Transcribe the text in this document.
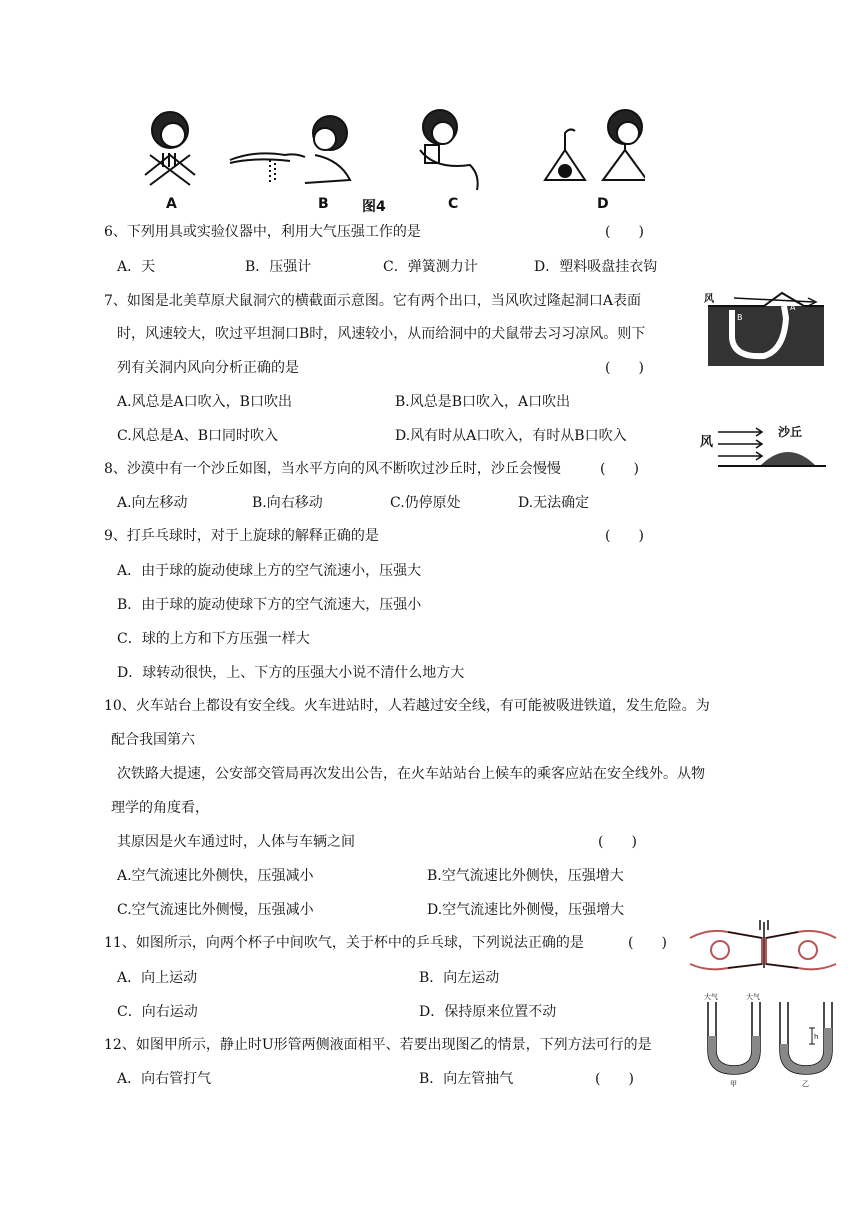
A	B 图4	C	D
6、下列用具或实验仪器中，利用大气压强工作的是	(　　)
A．天	B．压强计	C．弹簧测力计	D．塑料吸盘挂衣钩
7、如图是北美草原犬鼠洞穴的横截面示意图。它有两个出口，当风吹过隆起洞口A表面
时，风速较大，吹过平坦洞口B时，风速较小，从而给洞中的犬鼠带去习习凉风。则下
列有关洞内风向分析正确的是	(　　)
A.风总是A口吹入，B口吹出	B.风总是B口吹入，A口吹出
C.风总是A、B口同时吹入	D.风有时从A口吹入，有时从B口吹入
风
A
B
风
沙丘
8、沙漠中有一个沙丘如图，当水平方向的风不断吹过沙丘时，沙丘会慢慢	(　　)
A.向左移动	B.向右移动	C.仍停原处	D.无法确定
9、打乒乓球时，对于上旋球的解释正确的是	(　　)
A．由于球的旋动使球上方的空气流速小，压强大
B．由于球的旋动使球下方的空气流速大，压强小
C．球的上方和下方压强一样大
D．球转动很快，上、下方的压强大小说不清什么地方大
10、火车站台上都设有安全线。火车进站时，人若越过安全线，有可能被吸进铁道，发生危险。为
配合我国第六
次铁路大提速，公安部交管局再次发出公告，在火车站站台上候车的乘客应站在安全线外。从物
理学的角度看，
其原因是火车通过时，人体与车辆之间	(　　)
A.空气流速比外侧快，压强减小	B.空气流速比外侧快，压强增大
C.空气流速比外侧慢，压强减小	D.空气流速比外侧慢，压强增大
11、如图所示，向两个杯子中间吹气，关于杯中的乒乓球，下列说法正确的是	(　　)
A．向上运动	B．向左运动
C．向右运动	D．保持原来位置不动
大气	大气
h
甲	乙
12、如图甲所示，静止时U形管两侧液面相平、若要出现图乙的情景，下列方法可行的是
A．向右管打气	B．向左管抽气	(　　)
